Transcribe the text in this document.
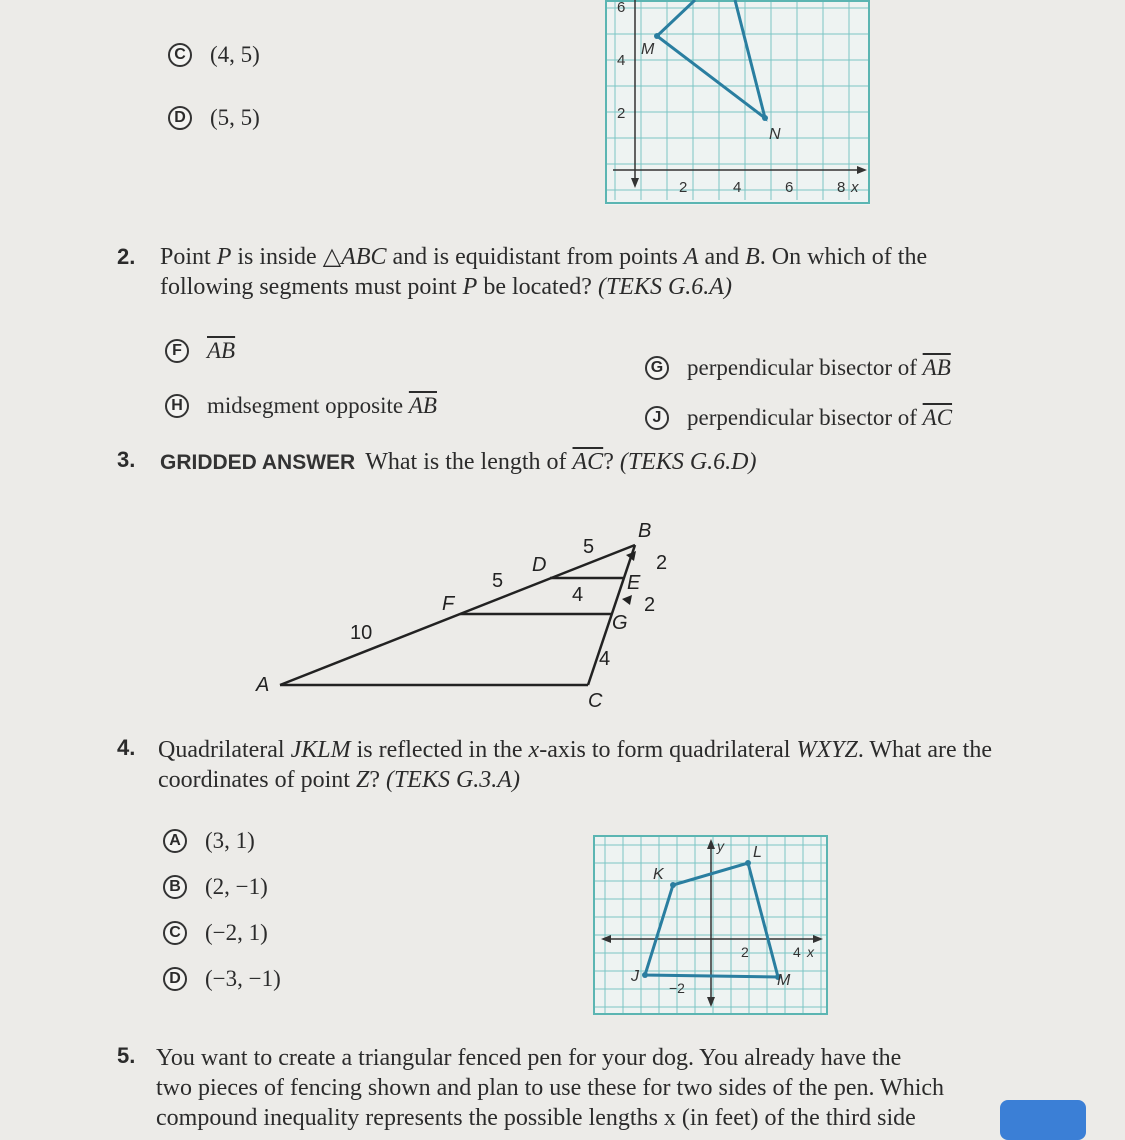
C (4, 5)
D (5, 5)
6
4
2
2	4	6	8 x
M
N
2. Point P is inside △ABC and is equidistant from points A and B. On which of the
following segments must point P be located? (TEKS G.6.A)
F	$\overline{AB}$
G perpendicular bisector of
$\overline{AB}$
H midsegment opposite
$\overline{AB}$	J	perpendicular bisector of
$\overline{AC}$
3. GRIDDED ANSWER What is the length of $\overline{AC}$? (TEKS G.6.D)
A
B
C
D
E
F
G
5
5
10
4
2
2
4
4. Quadrilateral JKLM is reflected in the x-axis to form quadrilateral WXYZ. What are the
coordinates of point Z? (TEKS G.3.A)
A (3, 1)
B (2, −1)
C (−2, 1)
D (−3, −1)
2	4 x
y
−2
J
K
L
M
5. You want to create a triangular fenced pen for your dog. You already have the
two pieces of fencing shown and plan to use these for two sides of the pen. Which
compound inequality represents the possible lengths x (in feet) of the third side
